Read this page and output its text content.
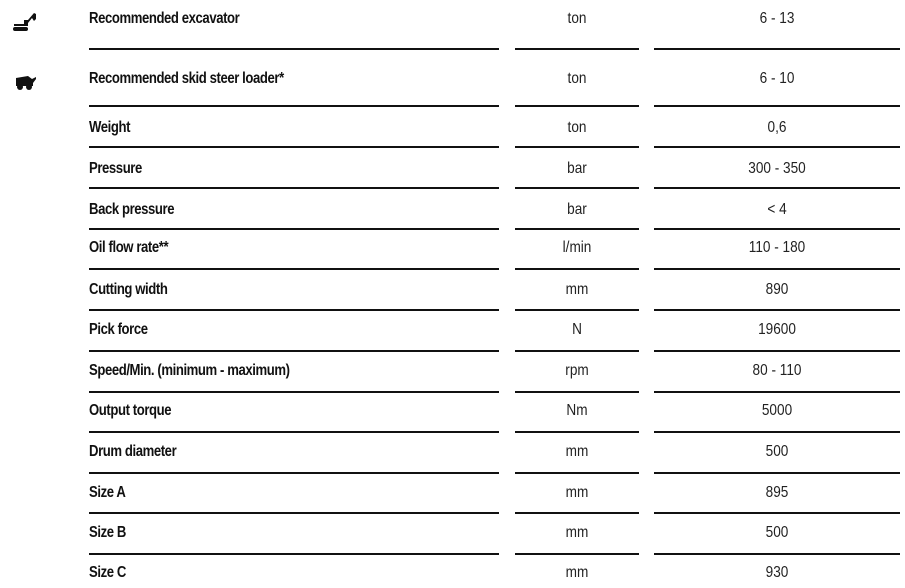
Recommended excavator	ton	6 - 13
Recommended skid steer loader*	ton	6 - 10
Weight	ton	0,6
Pressure	bar	300 - 350
Back pressure	bar	< 4
Oil flow rate**	l/min	110 - 180
Cutting width	mm	890
Pick force	N	19600
Speed/Min. (minimum - maximum)	rpm	80 - 110
Output torque	Nm	5000
Drum diameter	mm	500
Size A	mm	895
Size B	mm	500
Size C	mm	930
